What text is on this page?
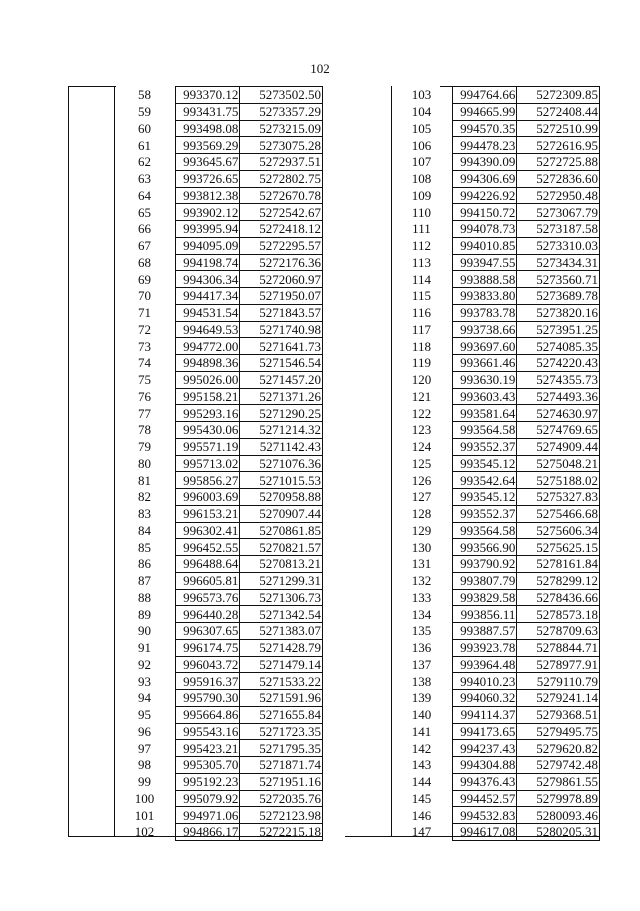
102
58	993370.12	5273502.50
59	993431.75	5273357.29
60	993498.08	5273215.09
61	993569.29	5273075.28
62	993645.67	5272937.51
63	993726.65	5272802.75
64	993812.38	5272670.78
65	993902.12	5272542.67
66	993995.94	5272418.12
67	994095.09	5272295.57
68	994198.74	5272176.36
69	994306.34	5272060.97
70	994417.34	5271950.07
71	994531.54	5271843.57
72	994649.53	5271740.98
73	994772.00	5271641.73
74	994898.36	5271546.54
75	995026.00	5271457.20
76	995158.21	5271371.26
77	995293.16	5271290.25
78	995430.06	5271214.32
79	995571.19	5271142.43
80	995713.02	5271076.36
81	995856.27	5271015.53
82	996003.69	5270958.88
83	996153.21	5270907.44
84	996302.41	5270861.85
85	996452.55	5270821.57
86	996488.64	5270813.21
87	996605.81	5271299.31
88	996573.76	5271306.73
89	996440.28	5271342.54
90	996307.65	5271383.07
91	996174.75	5271428.79
92	996043.72	5271479.14
93	995916.37	5271533.22
94	995790.30	5271591.96
95	995664.86	5271655.84
96	995543.16	5271723.35
97	995423.21	5271795.35
98	995305.70	5271871.74
99	995192.23	5271951.16
100	995079.92	5272035.76
101	994971.06	5272123.98
102	994866.17	5272215.18
103	994764.66	5272309.85
104	994665.99	5272408.44
105	994570.35	5272510.99
106	994478.23	5272616.95
107	994390.09	5272725.88
108	994306.69	5272836.60
109	994226.92	5272950.48
110	994150.72	5273067.79
111	994078.73	5273187.58
112	994010.85	5273310.03
113	993947.55	5273434.31
114	993888.58	5273560.71
115	993833.80	5273689.78
116	993783.78	5273820.16
117	993738.66	5273951.25
118	993697.60	5274085.35
119	993661.46	5274220.43
120	993630.19	5274355.73
121	993603.43	5274493.36
122	993581.64	5274630.97
123	993564.58	5274769.65
124	993552.37	5274909.44
125	993545.12	5275048.21
126	993542.64	5275188.02
127	993545.12	5275327.83
128	993552.37	5275466.68
129	993564.58	5275606.34
130	993566.90	5275625.15
131	993790.92	5278161.84
132	993807.79	5278299.12
133	993829.58	5278436.66
134	993856.11	5278573.18
135	993887.57	5278709.63
136	993923.78	5278844.71
137	993964.48	5278977.91
138	994010.23	5279110.79
139	994060.32	5279241.14
140	994114.37	5279368.51
141	994173.65	5279495.75
142	994237.43	5279620.82
143	994304.88	5279742.48
144	994376.43	5279861.55
145	994452.57	5279978.89
146	994532.83	5280093.46
147	994617.08	5280205.31
